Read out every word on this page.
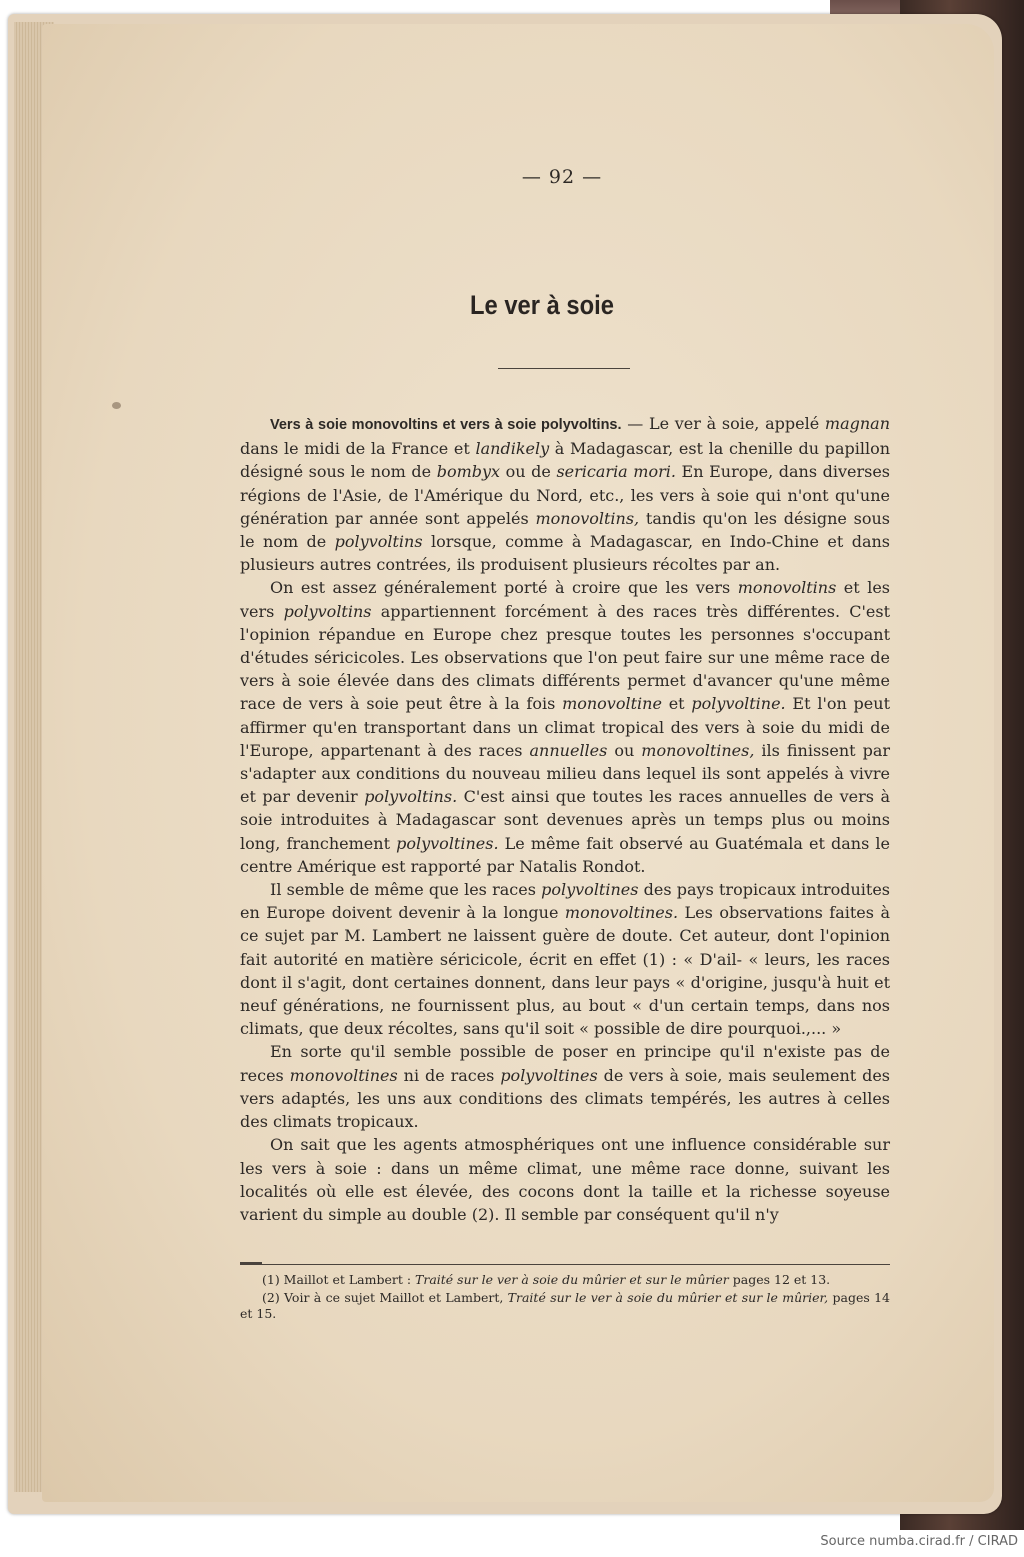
— 92 —
Le ver à soie

Vers à soie monovoltins et vers à soie polyvoltins. — Le ver à soie, appelé magnan dans le midi de la France et landikely à Madagascar, est la chenille du papillon désigné sous le nom de bombyx ou de sericaria mori. En Europe, dans diverses régions de l'Asie, de l'Amérique du Nord, etc., les vers à soie qui n'ont qu'une génération par année sont appelés monovoltins, tandis qu'on les désigne sous le nom de polyvoltins lorsque, comme à Madagascar, en Indo-Chine et dans plusieurs autres contrées, ils produisent plusieurs récoltes par an.

On est assez généralement porté à croire que les vers monovoltins et les vers polyvoltins appartiennent forcément à des races très différentes. C'est l'opinion répandue en Europe chez presque toutes les personnes s'occupant d'études séricicoles. Les observations que l'on peut faire sur une même race de vers à soie élevée dans des climats différents permet d'avancer qu'une même race de vers à soie peut être à la fois monovoltine et polyvoltine. Et l'on peut affirmer qu'en transportant dans un climat tropical des vers à soie du midi de l'Europe, appartenant à des races annuelles ou monovoltines, ils finissent par s'adapter aux conditions du nouveau milieu dans lequel ils sont appelés à vivre et par devenir polyvoltins. C'est ainsi que toutes les races annuelles de vers à soie introduites à Madagascar sont devenues après un temps plus ou moins long, franchement polyvoltines. Le même fait observé au Guatémala et dans le centre Amérique est rapporté par Natalis Rondot.

Il semble de même que les races polyvoltines des pays tropicaux introduites en Europe doivent devenir à la longue monovoltines. Les observations faites à ce sujet par M. Lambert ne laissent guère de doute. Cet auteur, dont l'opinion fait autorité en matière séricicole, écrit en effet (1) : « D'ail- « leurs, les races dont il s'agit, dont certaines donnent, dans leur pays « d'origine, jusqu'à huit et neuf générations, ne fournissent plus, au bout « d'un certain temps, dans nos climats, que deux récoltes, sans qu'il soit « possible de dire pourquoi.,... »

En sorte qu'il semble possible de poser en principe qu'il n'existe pas de reces monovoltines ni de races polyvoltines de vers à soie, mais seulement des vers adaptés, les uns aux conditions des climats tempérés, les autres à celles des climats tropicaux.

On sait que les agents atmosphériques ont une influence considérable sur les vers à soie : dans un même climat, une même race donne, suivant les localités où elle est élevée, des cocons dont la taille et la richesse soyeuse varient du simple au double (2). Il semble par conséquent qu'il n'y

(1) Maillot et Lambert : Traité sur le ver à soie du mûrier et sur le mûrier pages 12 et 13.

(2) Voir à ce sujet Maillot et Lambert, Traité sur le ver à soie du mûrier et sur le mûrier, pages 14 et 15.

Source numba.cirad.fr / CIRAD
